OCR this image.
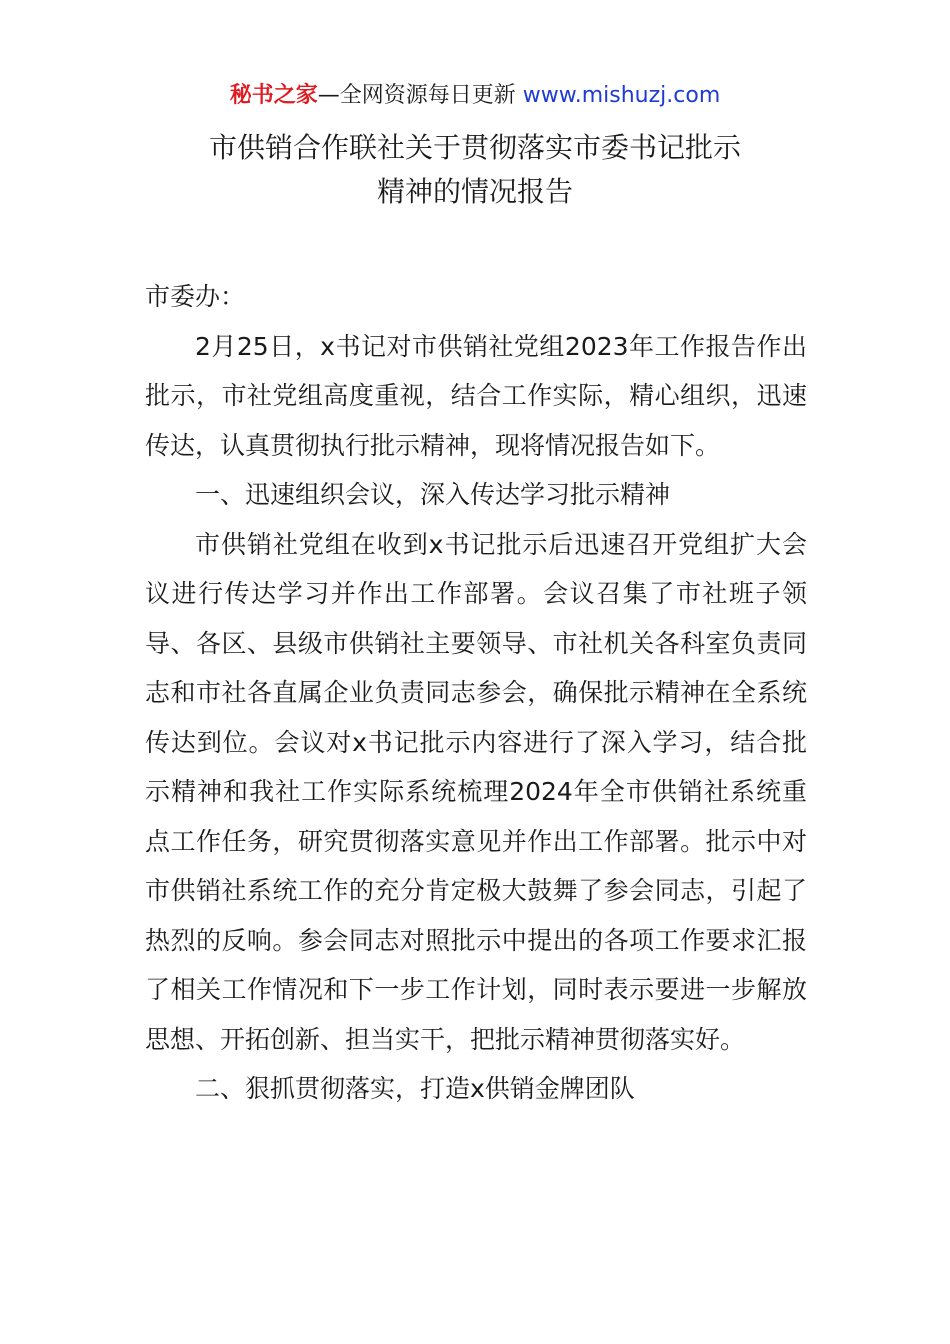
秘书之家—全网资源每日更新 www.mishuzj.com
市供销合作联社关于贯彻落实市委书记批示
精神的情况报告

市委办：

2月25日，x书记对市供销社党组2023年工作报告作出批示，市社党组高度重视，结合工作实际，精心组织，迅速传达，认真贯彻执行批示精神，现将情况报告如下。

一、迅速组织会议，深入传达学习批示精神

市供销社党组在收到x书记批示后迅速召开党组扩大会议进行传达学习并作出工作部署。会议召集了市社班子领导、各区、县级市供销社主要领导、市社机关各科室负责同志和市社各直属企业负责同志参会，确保批示精神在全系统传达到位。会议对x书记批示内容进行了深入学习，结合批示精神和我社工作实际系统梳理2024年全市供销社系统重点工作任务，研究贯彻落实意见并作出工作部署。批示中对市供销社系统工作的充分肯定极大鼓舞了参会同志，引起了热烈的反响。参会同志对照批示中提出的各项工作要求汇报了相关工作情况和下一步工作计划，同时表示要进一步解放思想、开拓创新、担当实干，把批示精神贯彻落实好。

二、狠抓贯彻落实，打造x供销金牌团队
